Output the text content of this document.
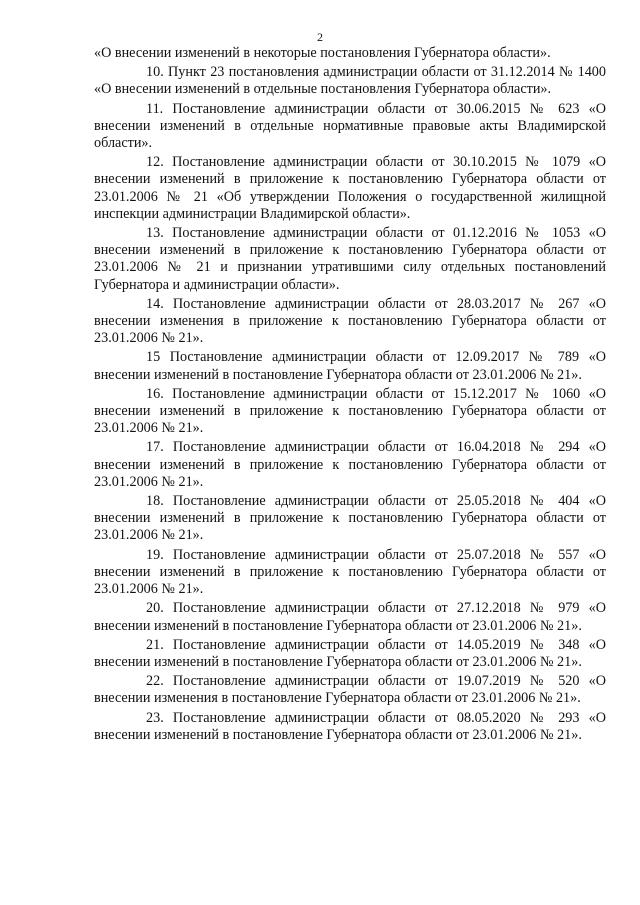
2

«О внесении изменений в некоторые постановления Губернатора области».

10. Пункт 23 постановления администрации области от 31.12.2014 № 1400 «О внесении изменений в отдельные постановления Губернатора области».

11. Постановление администрации области от 30.06.2015 № 623 «О внесении изменений в отдельные нормативные правовые акты Владимирской области».

12. Постановление администрации области от 30.10.2015 № 1079 «О внесении изменений в приложение к постановлению Губернатора области от 23.01.2006 № 21 «Об утверждении Положения о государственной жилищной инспекции администрации Владимирской области».

13. Постановление администрации области от 01.12.2016 № 1053 «О внесении изменений в приложение к постановлению Губернатора области от 23.01.2006 № 21 и признании утратившими силу отдельных постановлений Губернатора и администрации области».

14. Постановление администрации области от 28.03.2017 № 267 «О внесении изменения в приложение к постановлению Губернатора области от 23.01.2006 № 21».

15 Постановление администрации области от 12.09.2017 № 789 «О внесении изменений в постановление Губернатора области от 23.01.2006 № 21».

16. Постановление администрации области от 15.12.2017 № 1060 «О внесении изменений в приложение к постановлению Губернатора области от 23.01.2006 № 21».

17. Постановление администрации области от 16.04.2018 № 294 «О внесении изменений в приложение к постановлению Губернатора области от 23.01.2006 № 21».

18. Постановление администрации области от 25.05.2018 № 404 «О внесении изменений в приложение к постановлению Губернатора области от 23.01.2006 № 21».

19. Постановление администрации области от 25.07.2018 № 557 «О внесении изменений в приложение к постановлению Губернатора области от 23.01.2006 № 21».

20. Постановление администрации области от 27.12.2018 № 979 «О внесении изменений в постановление Губернатора области от 23.01.2006 № 21».

21. Постановление администрации области от 14.05.2019 № 348 «О внесении изменений в постановление Губернатора области от 23.01.2006 № 21».

22. Постановление администрации области от 19.07.2019 № 520 «О внесении изменения в постановление Губернатора области от 23.01.2006 № 21».

23. Постановление администрации области от 08.05.2020 № 293 «О внесении изменений в постановление Губернатора области от 23.01.2006 № 21».
